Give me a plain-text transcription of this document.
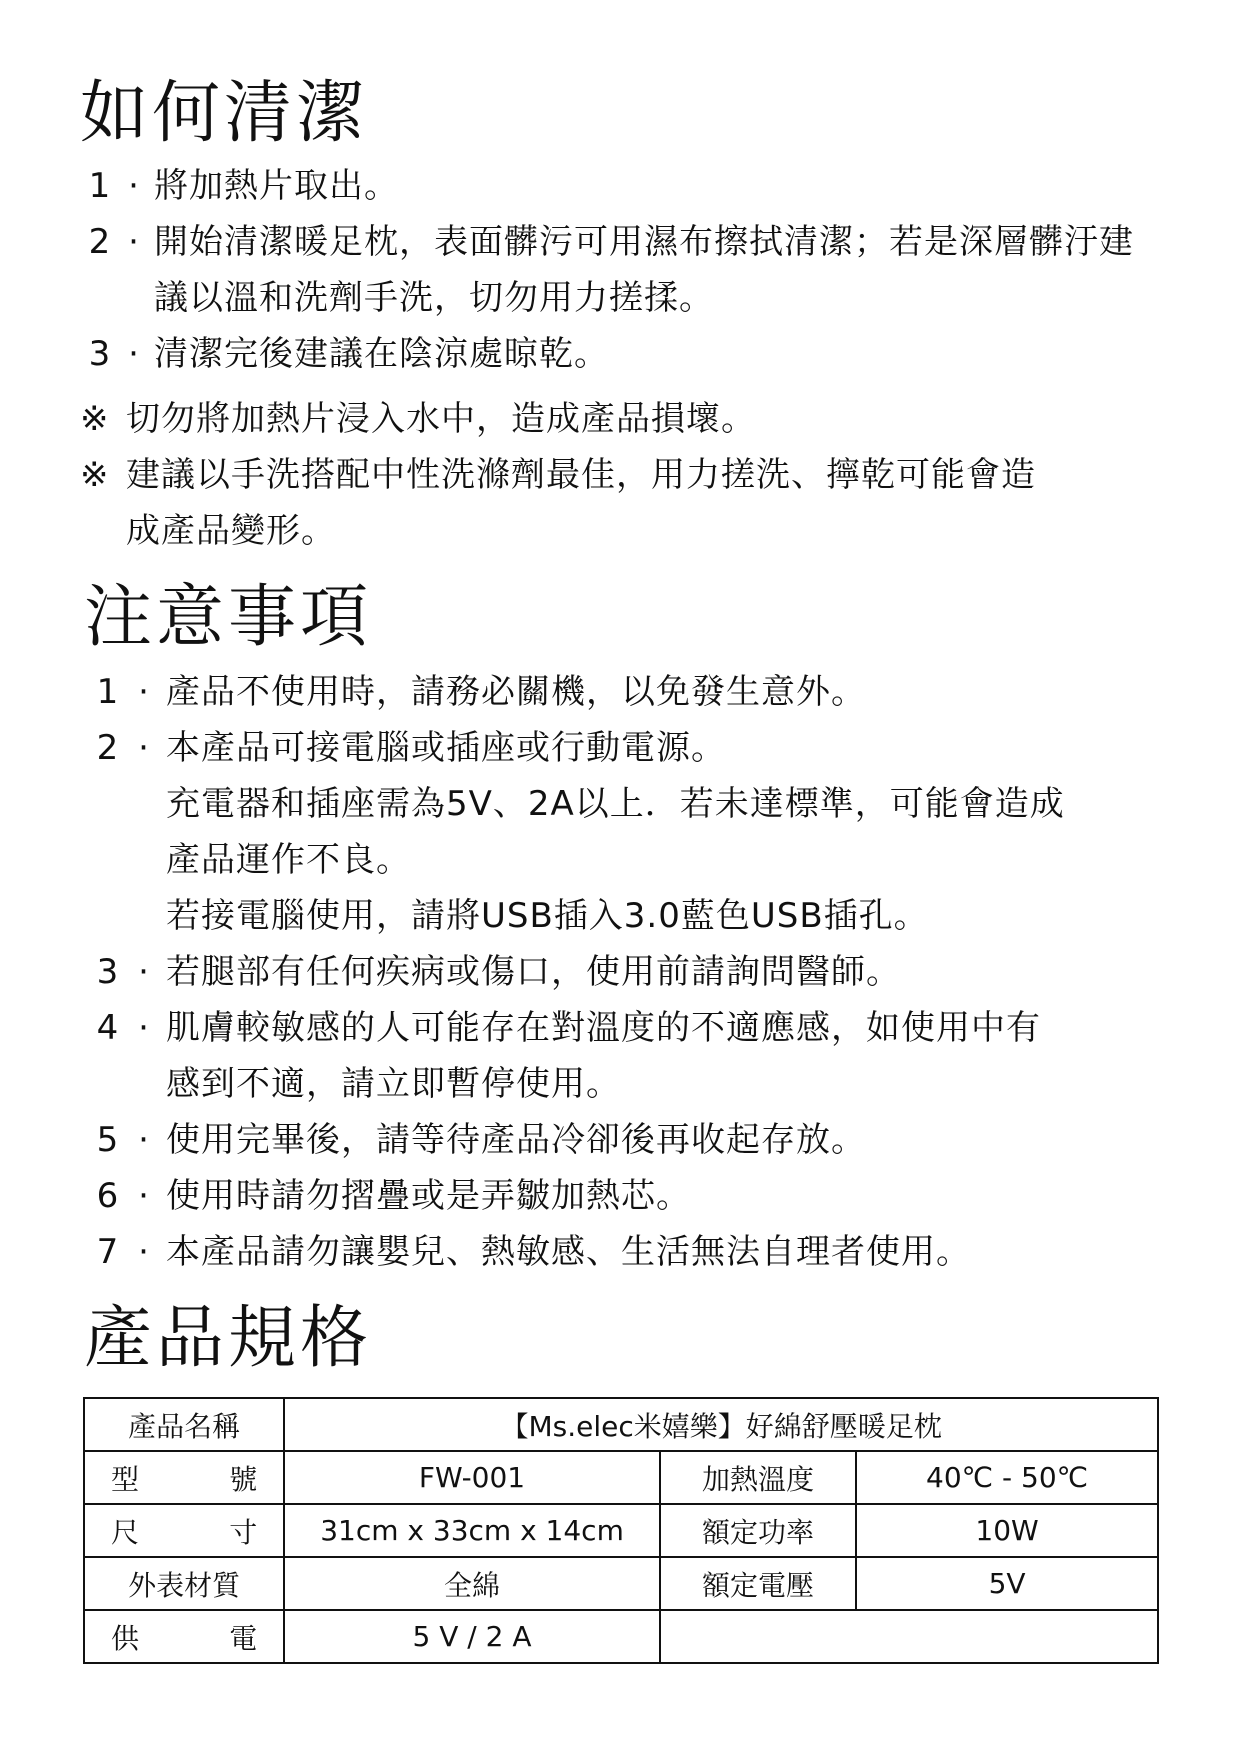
如何清潔
1 · 將加熱片取出。
2 · 開始清潔暖足枕，表面髒污可用濕布擦拭清潔；若是深層髒汙建議以溫和洗劑手洗，切勿用力搓揉。
3 · 清潔完後建議在陰涼處晾乾。
※ 切勿將加熱片浸入水中，造成產品損壞。
※ 建議以手洗搭配中性洗滌劑最佳，用力搓洗、擰乾可能會造
成產品變形。
注意事項
1 · 產品不使用時，請務必關機，以免發生意外。
2 · 本產品可接電腦或插座或行動電源。
充電器和插座需為5V、2A以上．若未達標準，可能會造成
產品運作不良。
若接電腦使用，請將USB插入3.0藍色USB插孔。
3 · 若腿部有任何疾病或傷口，使用前請詢問醫師。
4 · 肌膚較敏感的人可能存在對溫度的不適應感，如使用中有
感到不適，請立即暫停使用。
5 · 使用完畢後，請等待產品冷卻後再收起存放。
6 · 使用時請勿摺疊或是弄皺加熱芯。
7 · 本產品請勿讓嬰兒、熱敏感、生活無法自理者使用。
產品規格
產品名稱	【Ms.elec米嬉樂】好綿舒壓暖足枕		

型 號	FW-001	加熱溫度	40℃ - 50℃

尺 寸	31cm x 33cm x 14cm	額定功率	10W
外表材質	全綿	額定電壓	5V

供 電	5 V / 2 A		
